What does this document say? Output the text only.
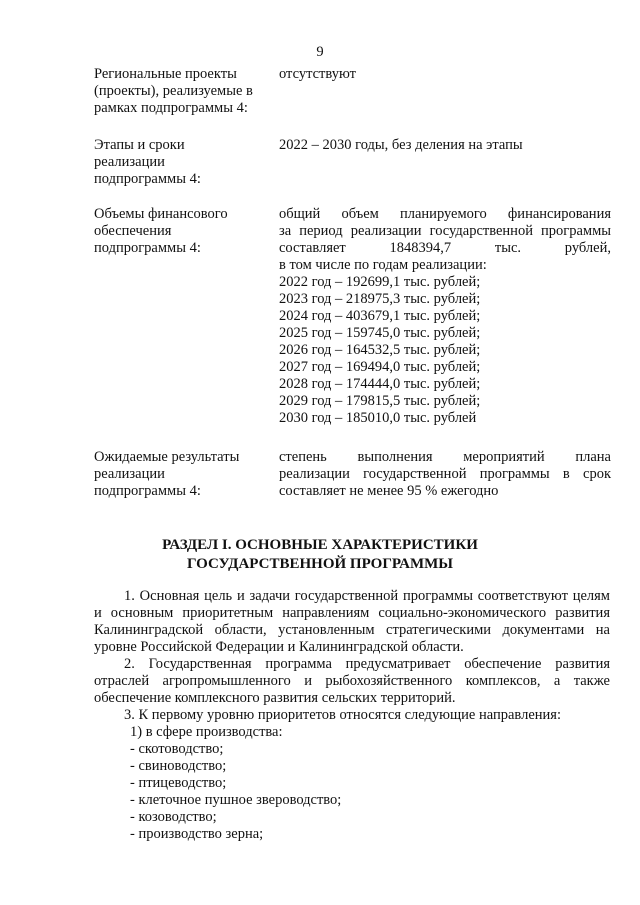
9
Региональные проекты
(проекты), реализуемые в
рамках подпрограммы 4:
отсутствуют
Этапы и сроки
реализации
подпрограммы 4:
2022 – 2030 годы, без деления на этапы
Объемы финансового
обеспечения
подпрограммы 4:
общий объем планируемого финансирования
за период реализации государственной программы
составляет 1848394,7 тыс. рублей,
в том числе по годам реализации:
2022 год – 192699,1 тыс. рублей;
2023 год – 218975,3 тыс. рублей;
2024 год – 403679,1 тыс. рублей;
2025 год – 159745,0 тыс. рублей;
2026 год – 164532,5 тыс. рублей;
2027 год – 169494,0 тыс. рублей;
2028 год – 174444,0 тыс. рублей;
2029 год – 179815,5 тыс. рублей;
2030 год – 185010,0 тыс. рублей
Ожидаемые результаты
реализации
подпрограммы 4:
степень выполнения мероприятий плана
реализации государственной программы в срок
составляет не менее 95 % ежегодно
РАЗДЕЛ I. ОСНОВНЫЕ ХАРАКТЕРИСТИКИ
ГОСУДАРСТВЕННОЙ ПРОГРАММЫ
1. Основная цель и задачи государственной программы соответствуют целям и основным приоритетным направлениям социально-экономического развития Калининградской области, установленным стратегическими документами на уровне Российской Федерации и Калининградской области.
2. Государственная программа предусматривает обеспечение развития отраслей агропромышленного и рыбохозяйственного комплексов, а также обеспечение комплексного развития сельских территорий.
3. К первому уровню приоритетов относятся следующие направления:
1) в сфере производства:
- скотоводство;
- свиноводство;
- птицеводство;
- клеточное пушное звероводство;
- козоводство;
- производство зерна;
